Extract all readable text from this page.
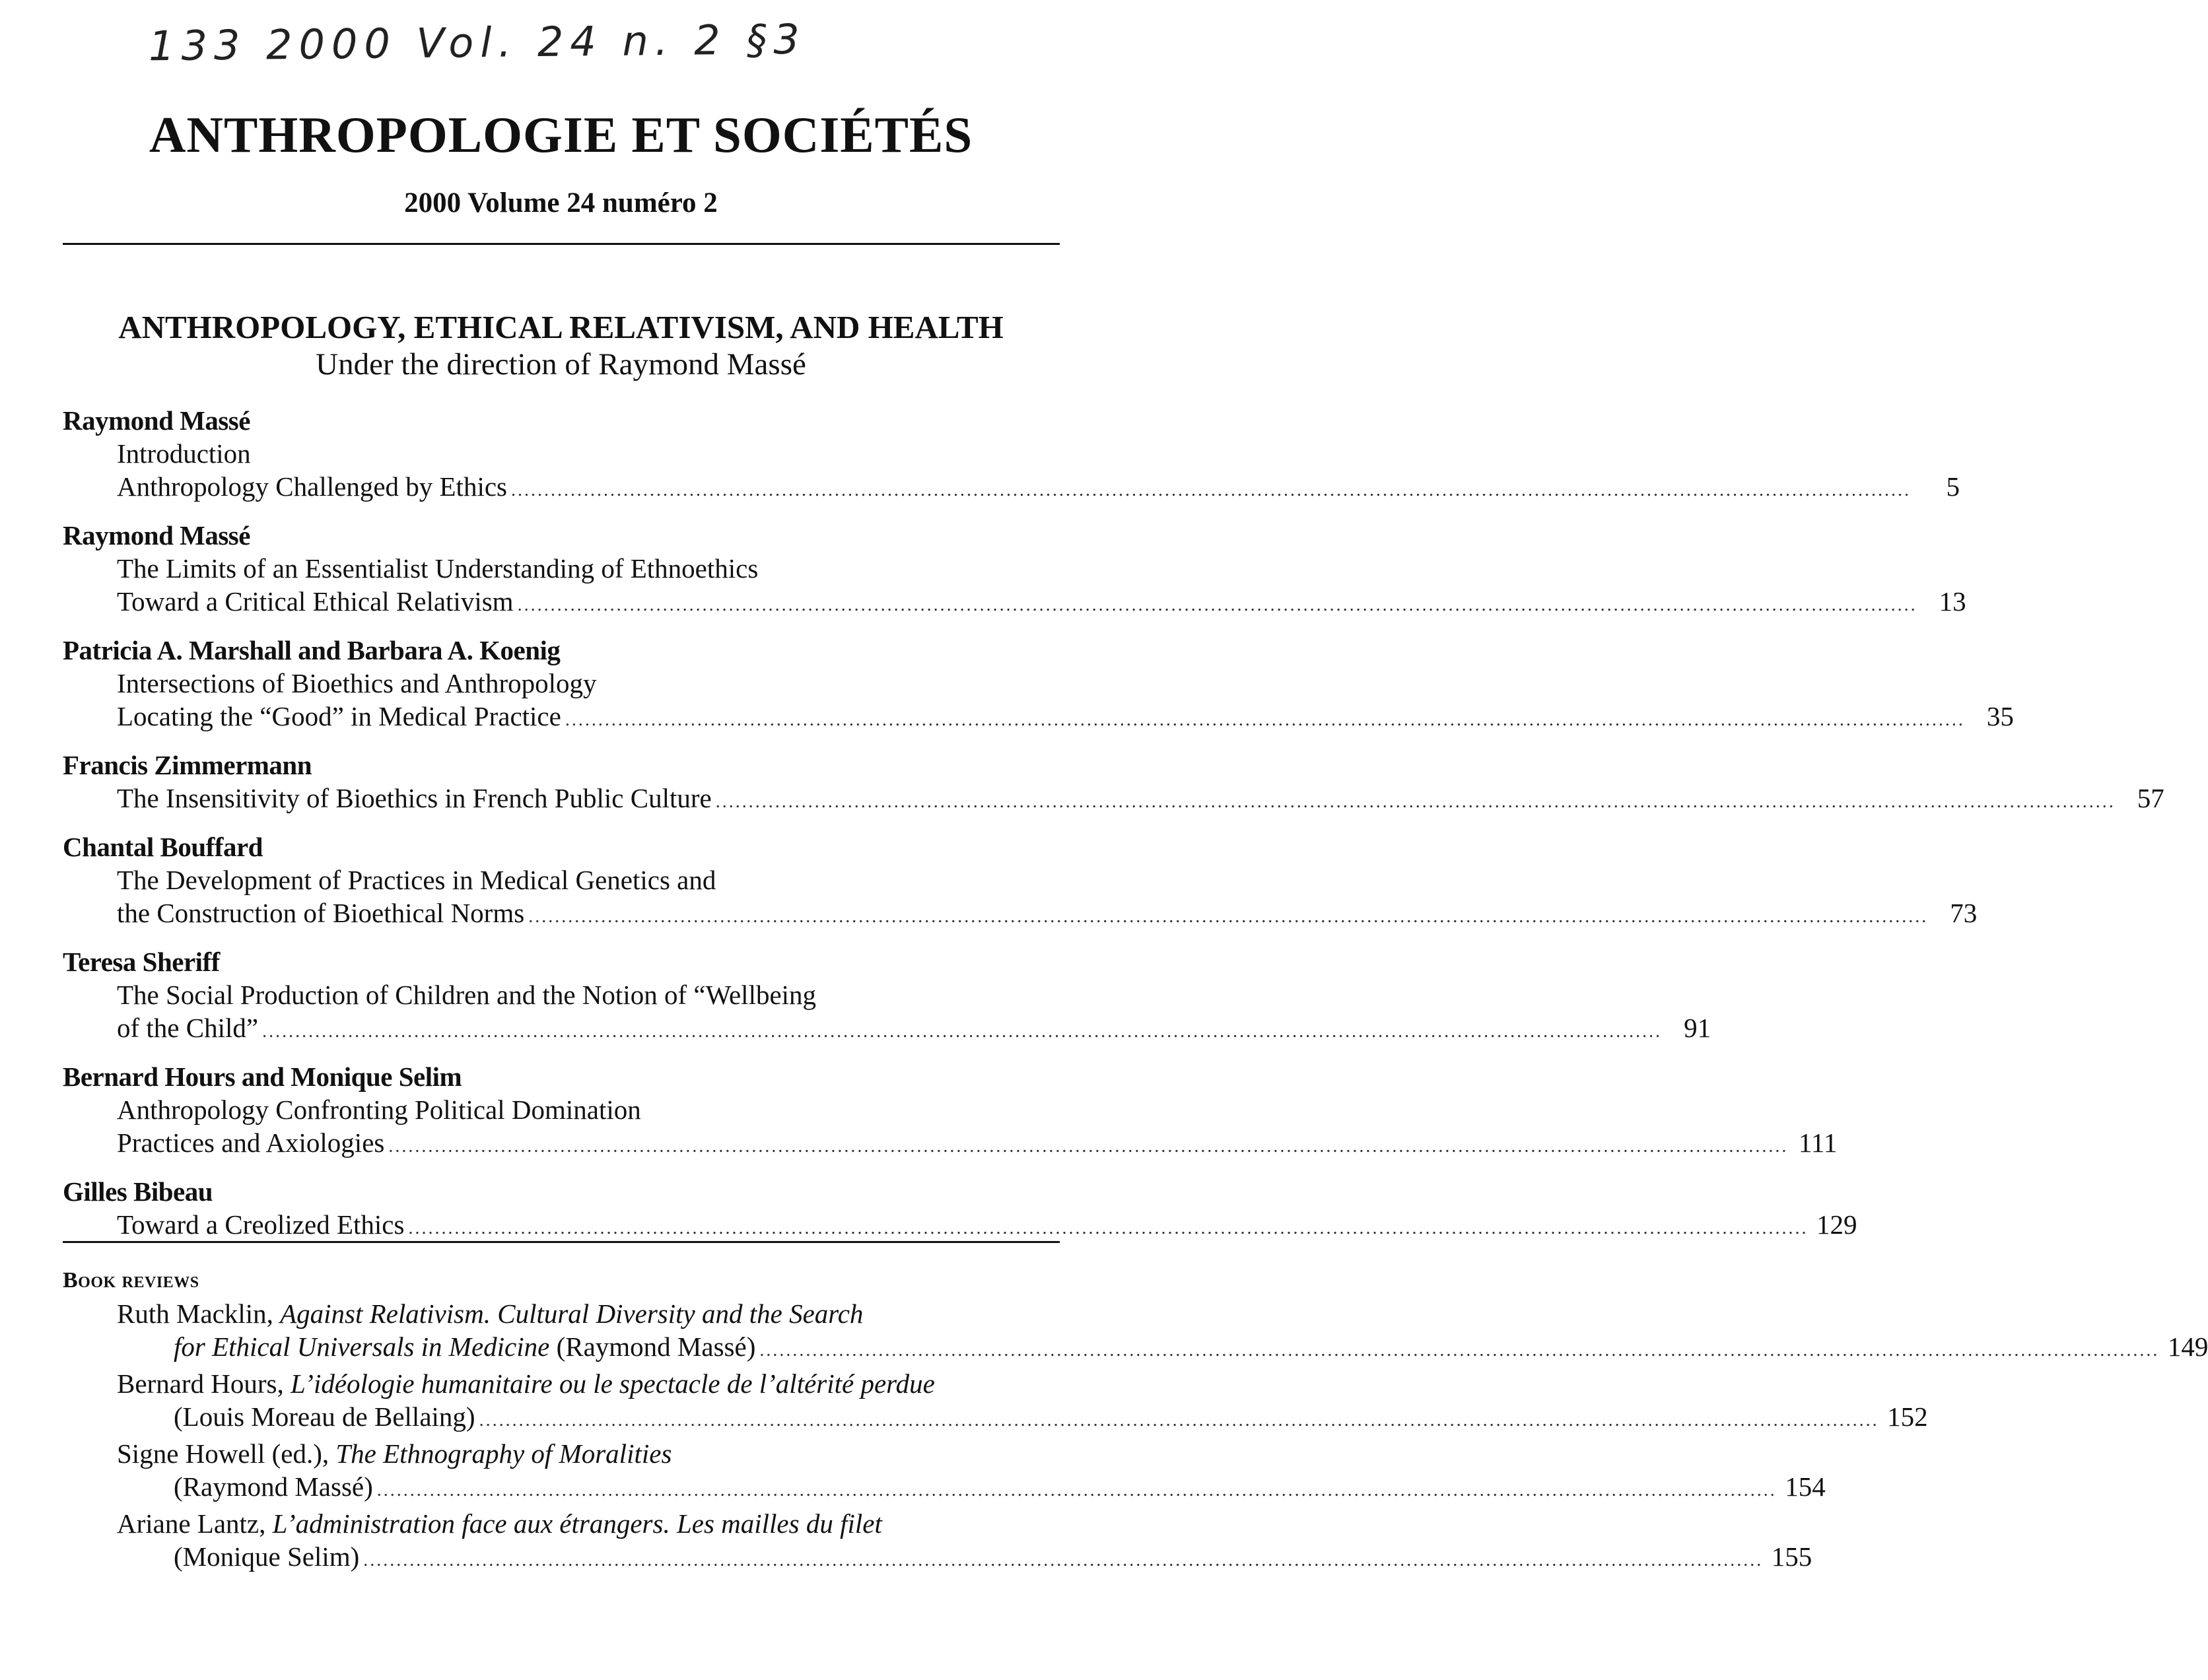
133 2000 Vol. 24 n. 2 §3
ANTHROPOLOGIE ET SOCIÉTÉS
2000 Volume 24 numéro 2
ANTHROPOLOGY, ETHICAL RELATIVISM, AND HEALTH
Under the direction of Raymond Massé
Raymond Massé
Introduction
Anthropology Challenged by Ethics ....................................................................................................................................................................................................................	5
Raymond Massé
The Limits of an Essentialist Understanding of Ethnoethics
Toward a Critical Ethical Relativism .................................................................................................................................................................................................................... 13
Patricia A. Marshall and Barbara A. Koenig
Intersections of Bioethics and Anthropology
Locating the “Good” in Medical Practice .................................................................................................................................................................................................................... 35
Francis Zimmermann
The Insensitivity of Bioethics in French Public Culture .................................................................................................................................................................................................................... 57
Chantal Bouffard
The Development of Practices in Medical Genetics and
the Construction of Bioethical Norms .................................................................................................................................................................................................................... 73
Teresa Sheriff
The Social Production of Children and the Notion of “Wellbeing
of the Child” .................................................................................................................................................................................................................... 91
Bernard Hours and Monique Selim
Anthropology Confronting Political Domination
Practices and Axiologies .................................................................................................................................................................................................................... 111
Gilles Bibeau
Toward a Creolized Ethics .................................................................................................................................................................................................................... 129
Book reviews
Ruth Macklin, Against Relativism. Cultural Diversity and the Search
for Ethical Universals in Medicine (Raymond Massé) .................................................................................................................................................................................................................... 149
Bernard Hours, L’idéologie humanitaire ou le spectacle de l’altérité perdue
(Louis Moreau de Bellaing) .................................................................................................................................................................................................................... 152
Signe Howell (ed.), The Ethnography of Moralities
(Raymond Massé) .................................................................................................................................................................................................................... 154
Ariane Lantz, L’administration face aux étrangers. Les mailles du filet
(Monique Selim) .................................................................................................................................................................................................................... 155
